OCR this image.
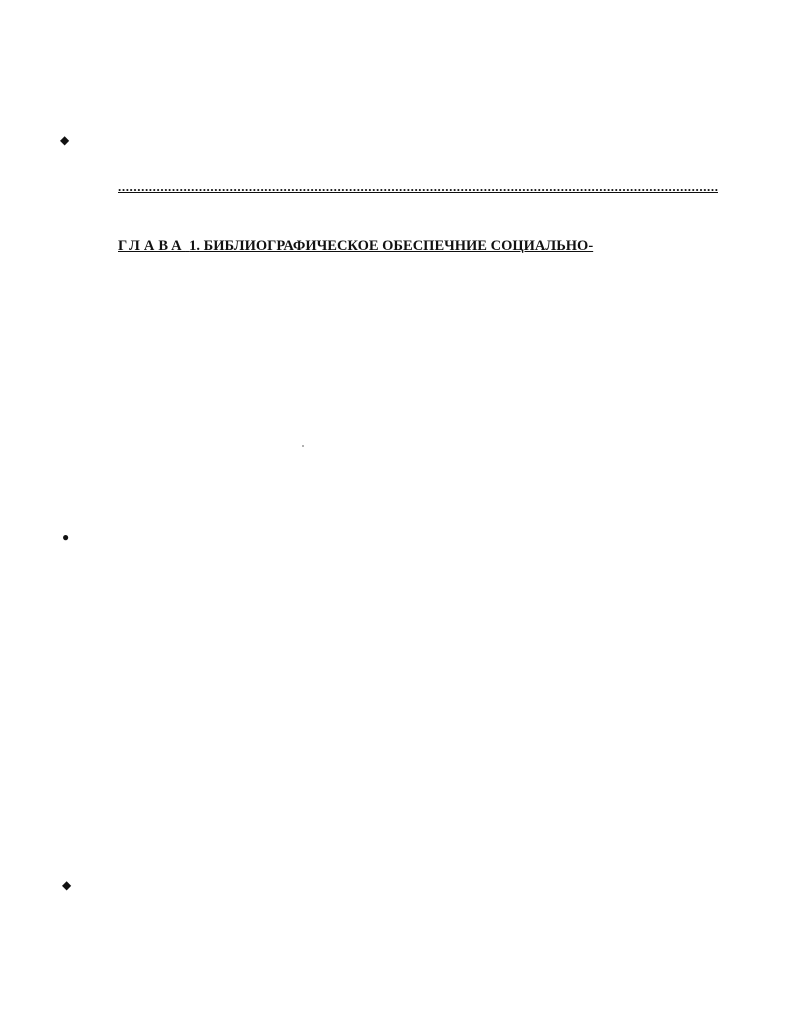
◆
●
◆
.....
ГЛАВА 1. БИБЛИОГРАФИЧЕСКОЕ ОБЕСПЕЧНИЕ СОЦИАЛЬНО-
